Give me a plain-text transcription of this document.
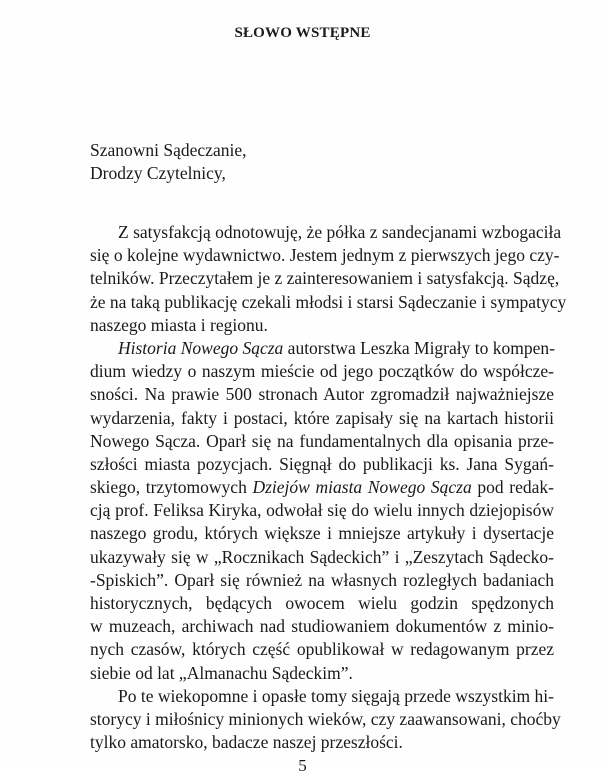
SŁOWO WSTĘPNE
Szanowni Sądeczanie,
Drodzy Czytelnicy,
Z satysfakcją odnotowuję, że półka z sandecjanami wzbogaciła
się o kolejne wydawnictwo. Jestem jednym z pierwszych jego czy-
telników. Przeczytałem je z zainteresowaniem i satysfakcją. Sądzę,
że na taką publikację czekali młodsi i starsi Sądeczanie i sympatycy
naszego miasta i regionu.
Historia Nowego Sącza autorstwa Leszka Migrały to kompen-
dium wiedzy o naszym mieście od jego początków do współcze-
sności. Na prawie 500 stronach Autor zgromadził najważniejsze
wydarzenia, fakty i postaci, które zapisały się na kartach historii
Nowego Sącza. Oparł się na fundamentalnych dla opisania prze-
szłości miasta pozycjach. Sięgnął do publikacji ks. Jana Sygań-
skiego, trzytomowych Dziejów miasta Nowego Sącza pod redak-
cją prof. Feliksa Kiryka, odwołał się do wielu innych dziejopisów
naszego grodu, których większe i mniejsze artykuły i dysertacje
ukazywały się w „Rocznikach Sądeckich” i „Zeszytach Sądecko-
-Spiskich”. Oparł się również na własnych rozległych badaniach
historycznych, będących owocem wielu godzin spędzonych
w muzeach, archiwach nad studiowaniem dokumentów z minio-
nych czasów, których część opublikował w redagowanym przez
siebie od lat „Almanachu Sądeckim”.
Po te wiekopomne i opasłe tomy sięgają przede wszystkim hi-
storycy i miłośnicy minionych wieków, czy zaawansowani, choćby
tylko amatorsko, badacze naszej przeszłości.
5
